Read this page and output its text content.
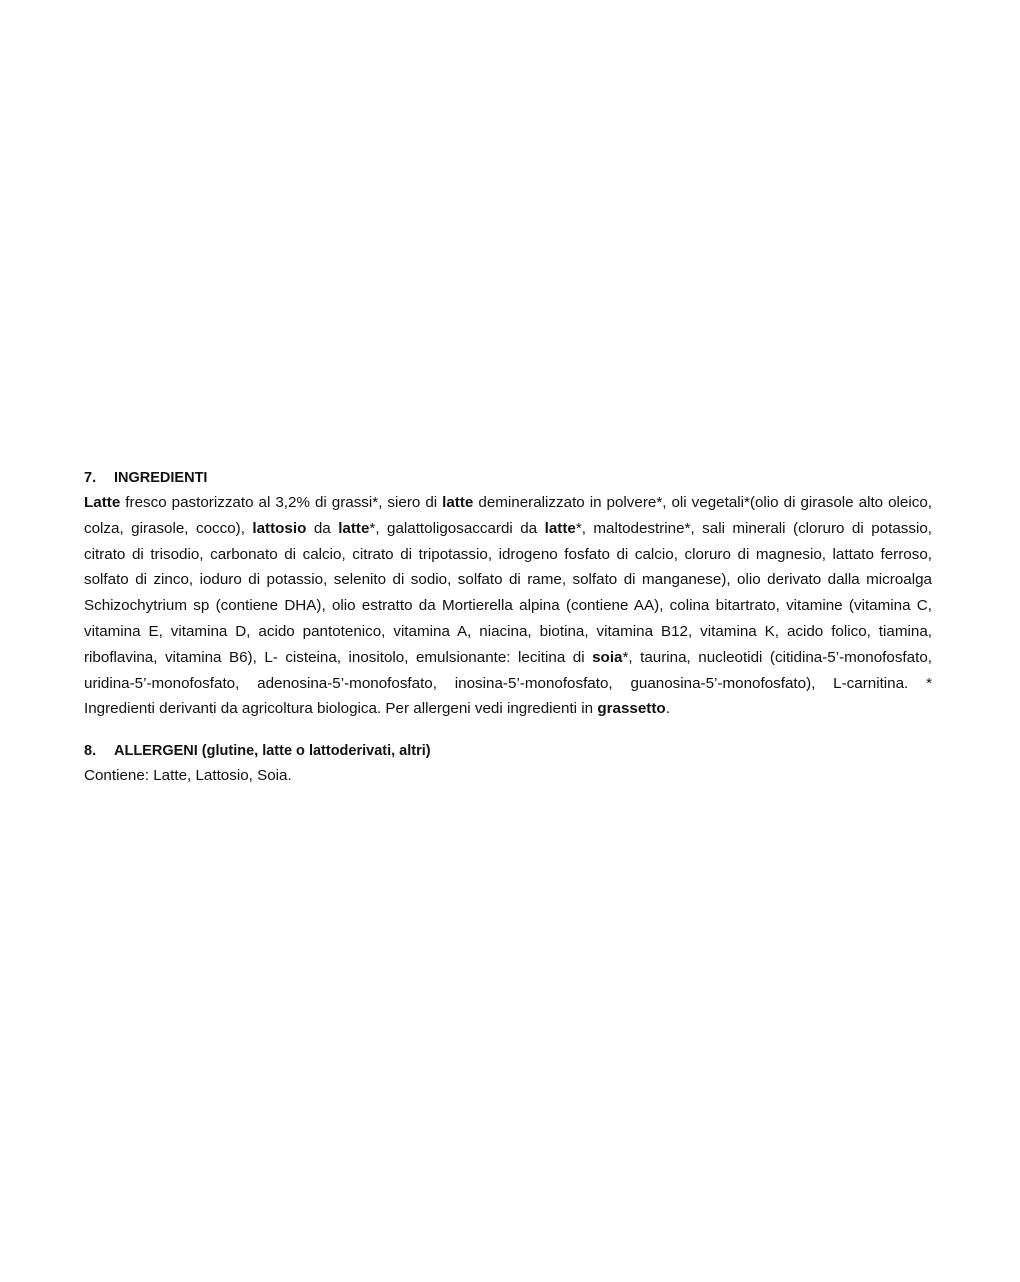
7.	INGREDIENTI

Latte fresco pastorizzato al 3,2% di grassi*, siero di latte demineralizzato in polvere*, oli vegetali*(olio di girasole alto oleico, colza, girasole, cocco), lattosio da latte*, galattoligosaccardi da latte*, maltodestrine*, sali minerali (cloruro di potassio, citrato di trisodio, carbonato di calcio, citrato di tripotassio, idrogeno fosfato di calcio, cloruro di magnesio, lattato ferroso, solfato di zinco, ioduro di potassio, selenito di sodio, solfato di rame, solfato di manganese), olio derivato dalla microalga Schizochytrium sp (contiene DHA), olio estratto da Mortierella alpina (contiene AA), colina bitartrato, vitamine (vitamina C, vitamina E, vitamina D, acido pantotenico, vitamina A, niacina, biotina, vitamina B12, vitamina K, acido folico, tiamina, riboflavina, vitamina B6), L- cisteina, inositolo, emulsionante: lecitina di soia*, taurina, nucleotidi (citidina-5’-monofosfato, uridina-5’-monofosfato, adenosina-5’-monofosfato, inosina-5’-monofosfato, guanosina-5’-monofosfato), L-carnitina. * Ingredienti derivanti da agricoltura biologica. Per allergeni vedi ingredienti in grassetto.

8.	ALLERGENI (glutine, latte o lattoderivati, altri)
Contiene: Latte, Lattosio, Soia.
